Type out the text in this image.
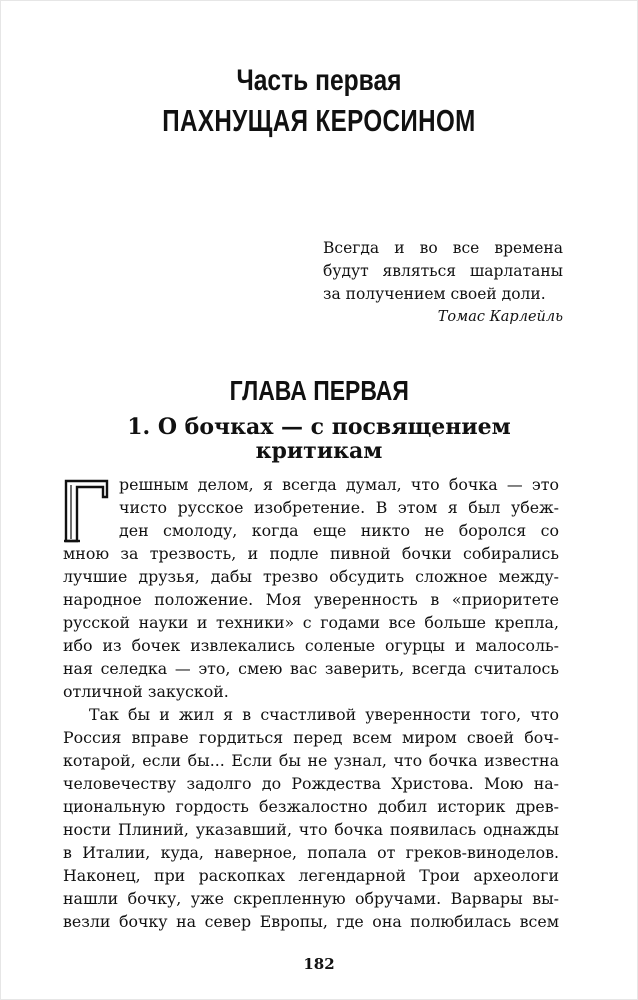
Часть первая
ПАХНУЩАЯ КЕРОСИНОМ
Всегда и во все времена
будут являться шарлатаны
за получением своей доли.
Томас Карлейль
ГЛАВА ПЕРВАЯ
1. О бочках — с посвящением
критикам
решным делом, я всегда думал, что бочка — это
чисто русское изобретение. В этом я был убеж-
ден смолоду, когда еще никто не боролся со
мною за трезвость, и подле пивной бочки собирались
лучшие друзья, дабы трезво обсудить сложное между-
народное положение. Моя уверенность в «приоритете
русской науки и техники» с годами все больше крепла,
ибо из бочек извлекались соленые огурцы и малосоль-
ная селедка — это, смею вас заверить, всегда считалось
отличной закуской.
Так бы и жил я в счастливой уверенности того, что
Россия вправе гордиться перед всем миром своей боч-
котарой, если бы... Если бы не узнал, что бочка известна
человечеству задолго до Рождества Христова. Мою на-
циональную гордость безжалостно добил историк древ-
ности Плиний, указавший, что бочка появилась однажды
в Италии, куда, наверное, попала от греков-виноделов.
Наконец, при раскопках легендарной Трои археологи
нашли бочку, уже скрепленную обручами. Варвары вы-
везли бочку на север Европы, где она полюбилась всем
182
